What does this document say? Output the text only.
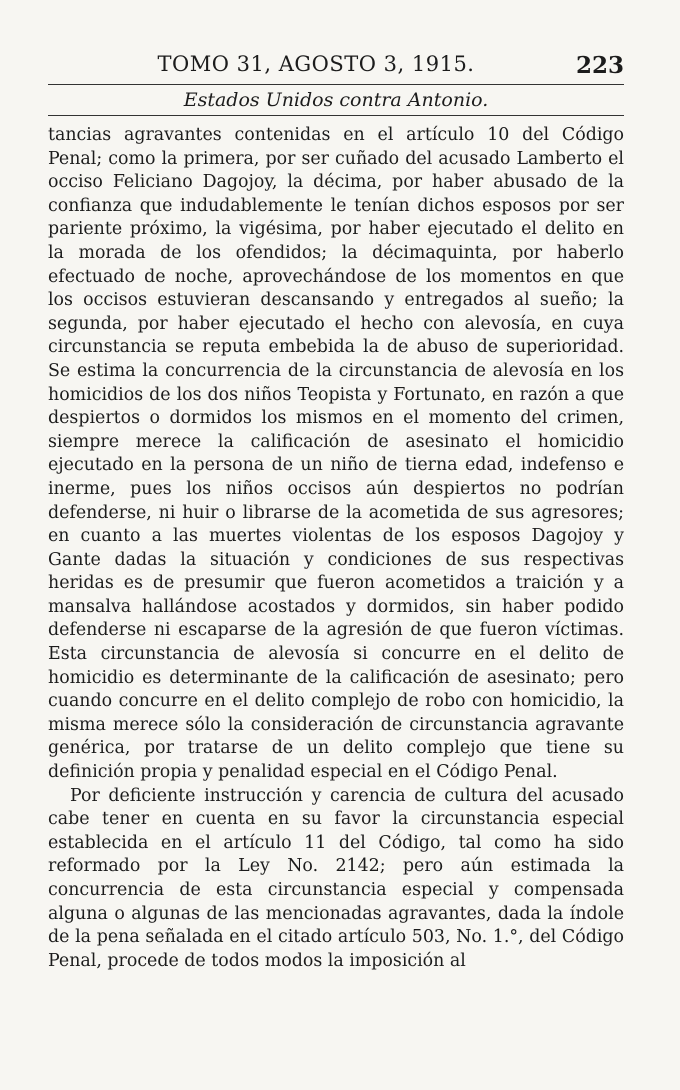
TOMO 31, AGOSTO 3, 1915.	223
Estados Unidos contra Antonio.

tancias agravantes contenidas en el artículo 10 del Código Penal; como la primera, por ser cuñado del acusado Lamberto el occiso Feliciano Dagojoy, la décima, por haber abusado de la confianza que indudablemente le tenían dichos esposos por ser pariente próximo, la vigésima, por haber ejecutado el delito en la morada de los ofendidos; la décimaquinta, por haberlo efectuado de noche, aprovechándose de los momentos en que los occisos estuvieran descansando y entregados al sueño; la segunda, por haber ejecutado el hecho con alevosía, en cuya circunstancia se reputa embebida la de abuso de superioridad. Se estima la concurrencia de la circunstancia de alevosía en los homicidios de los dos niños Teopista y Fortunato, en razón a que despiertos o dormidos los mismos en el momento del crimen, siempre merece la calificación de asesinato el homicidio ejecutado en la persona de un niño de tierna edad, indefenso e inerme, pues los niños occisos aún despiertos no podrían defenderse, ni huir o librarse de la acometida de sus agresores; en cuanto a las muertes violentas de los esposos Dagojoy y Gante dadas la situación y condiciones de sus respectivas heridas es de presumir que fueron acometidos a traición y a mansalva hallándose acostados y dormidos, sin haber podido defenderse ni escaparse de la agresión de que fueron víctimas. Esta circunstancia de alevosía si concurre en el delito de homicidio es determinante de la calificación de asesinato; pero cuando concurre en el delito complejo de robo con homicidio, la misma merece sólo la consideración de circunstancia agravante genérica, por tratarse de un delito complejo que tiene su definición propia y penalidad especial en el Código Penal.

Por deficiente instrucción y carencia de cultura del acusado cabe tener en cuenta en su favor la circunstancia especial establecida en el artículo 11 del Código, tal como ha sido reformado por la Ley No. 2142; pero aún estimada la concurrencia de esta circunstancia especial y compensada alguna o algunas de las mencionadas agravantes, dada la índole de la pena señalada en el citado artículo 503, No. 1.°, del Código Penal, procede de todos modos la imposición al
